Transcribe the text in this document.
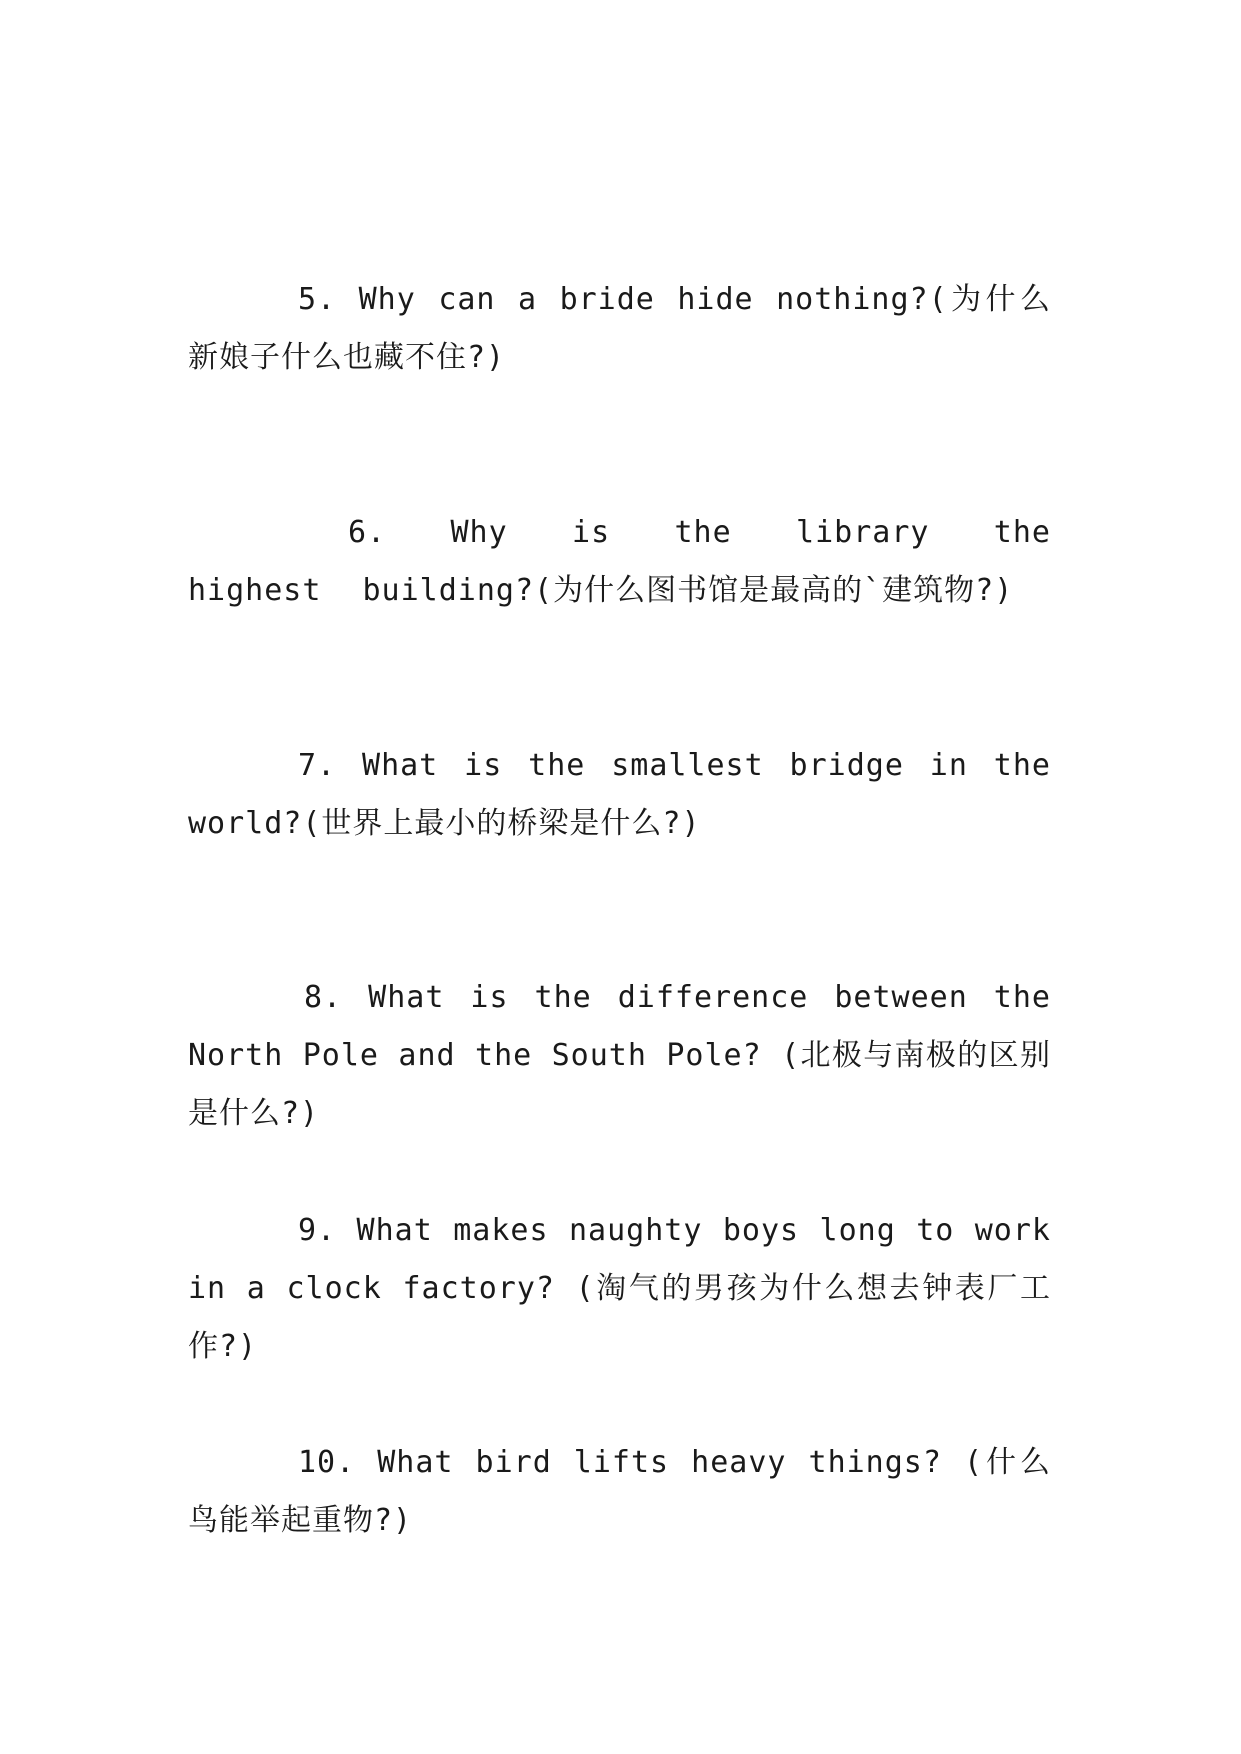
5. Why can a bride hide nothing?(为什么新娘子什么也藏不住?)

6. Why is the library the highest building?(为什么图书馆是最高的`建筑物?)

7. What is the smallest bridge in the world?(世界上最小的桥梁是什么?)

8. What is the difference between the North Pole and the South Pole? (北极与南极的区别是什么?)

9. What makes naughty boys long to work in a clock factory? (淘气的男孩为什么想去钟表厂工作?)

10. What bird lifts heavy things? (什么鸟能举起重物?)
